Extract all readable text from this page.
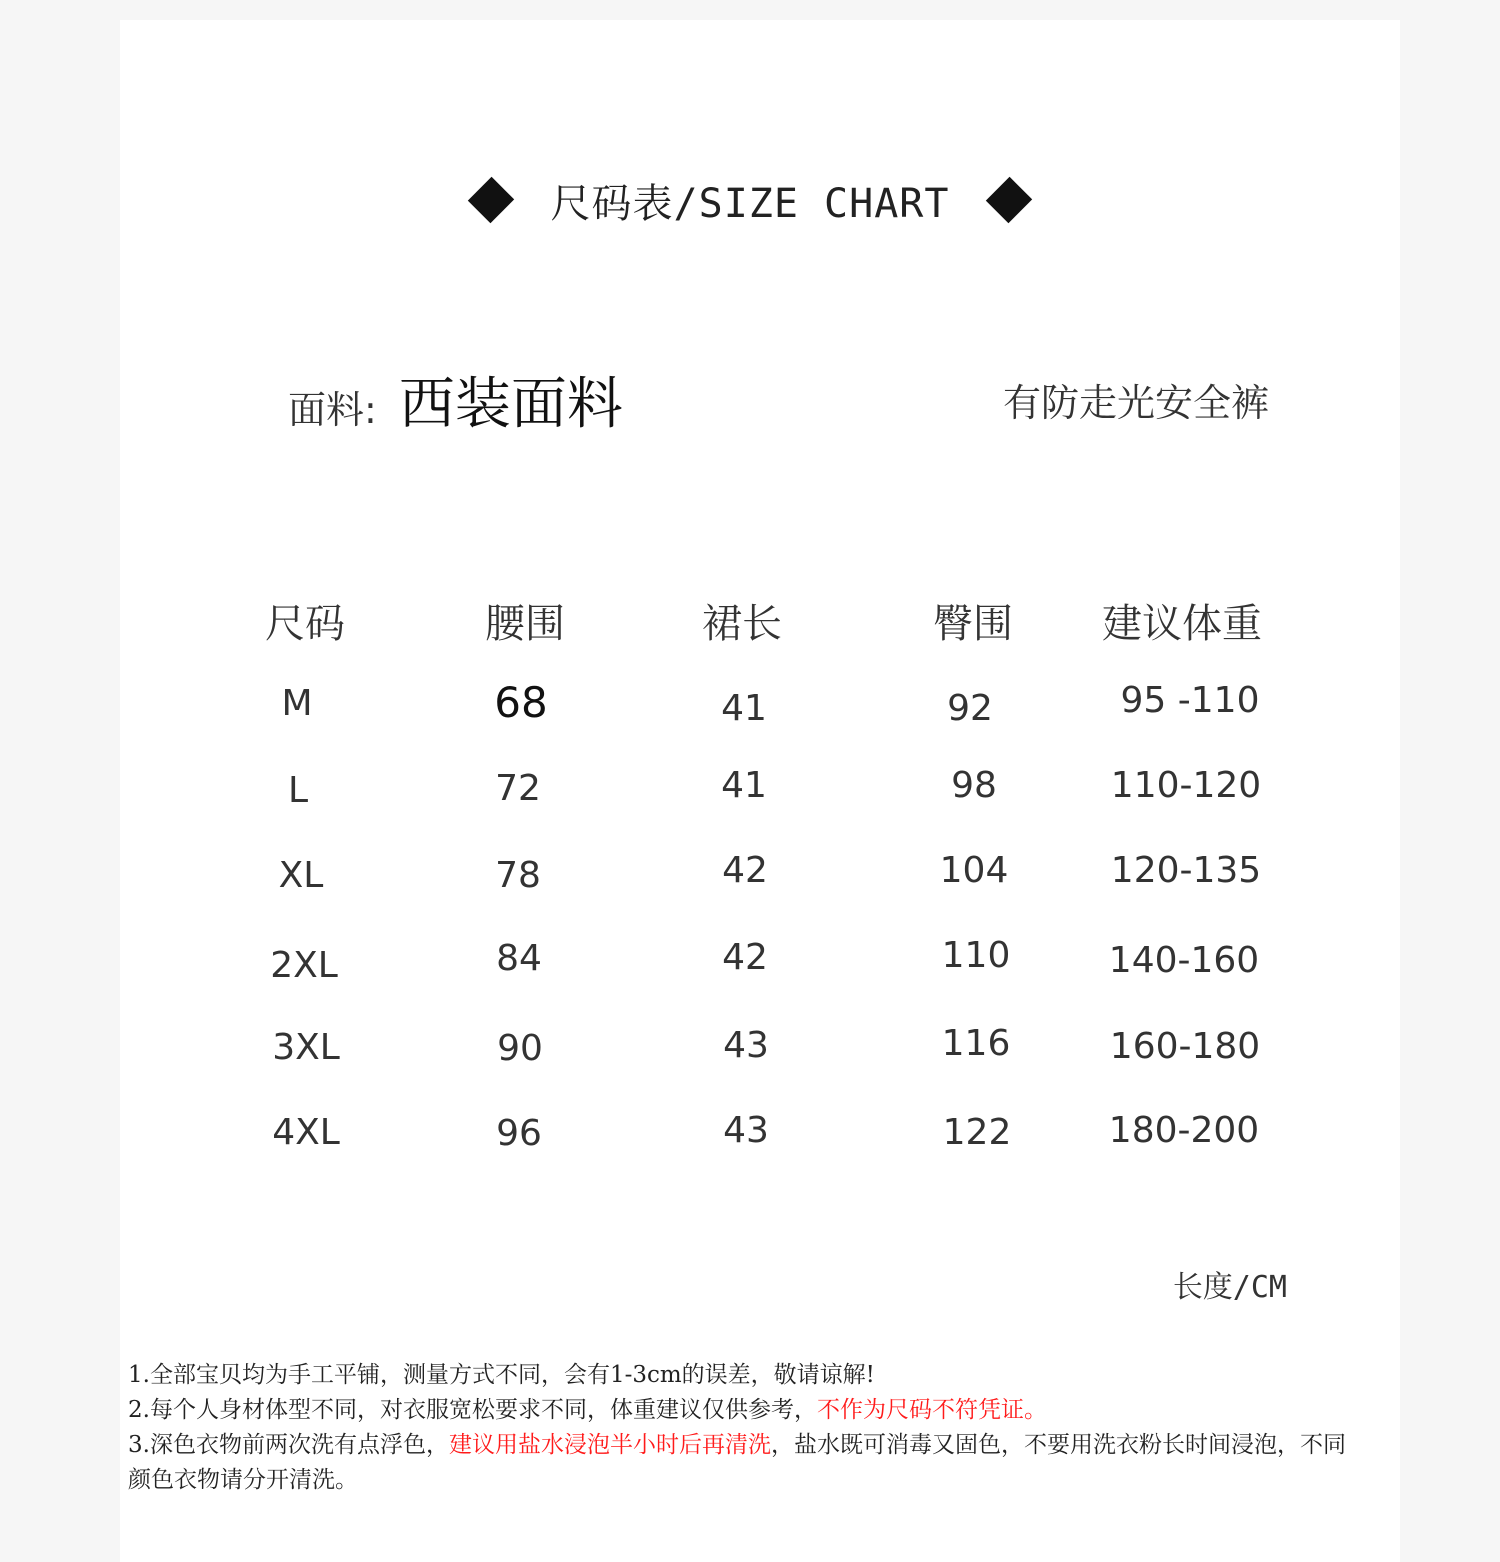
尺码表/SIZE CHART
面料: 西装面料	有防走光安全裤
尺码	腰围	裙长	臀围 建议体重
M	68	41	92	95 -110
L	72	41	98	110-120
XL	78	42	104	120-135
2XL	84	42	110	140-160
3XL	90	43	116	160-180
4XL	96	43	122	180-200
长度/CM
1.全部宝贝均为手工平铺，测量方式不同，会有1-3cm的误差，敬请谅解!
2.每个人身材体型不同，对衣服宽松要求不同，体重建议仅供参考，不作为尺码不符凭证。
3.深色衣物前两次洗有点浮色，建议用盐水浸泡半小时后再清洗，盐水既可消毒又固色，不要用洗衣粉长时间浸泡，不同颜色衣物请分开清洗。
